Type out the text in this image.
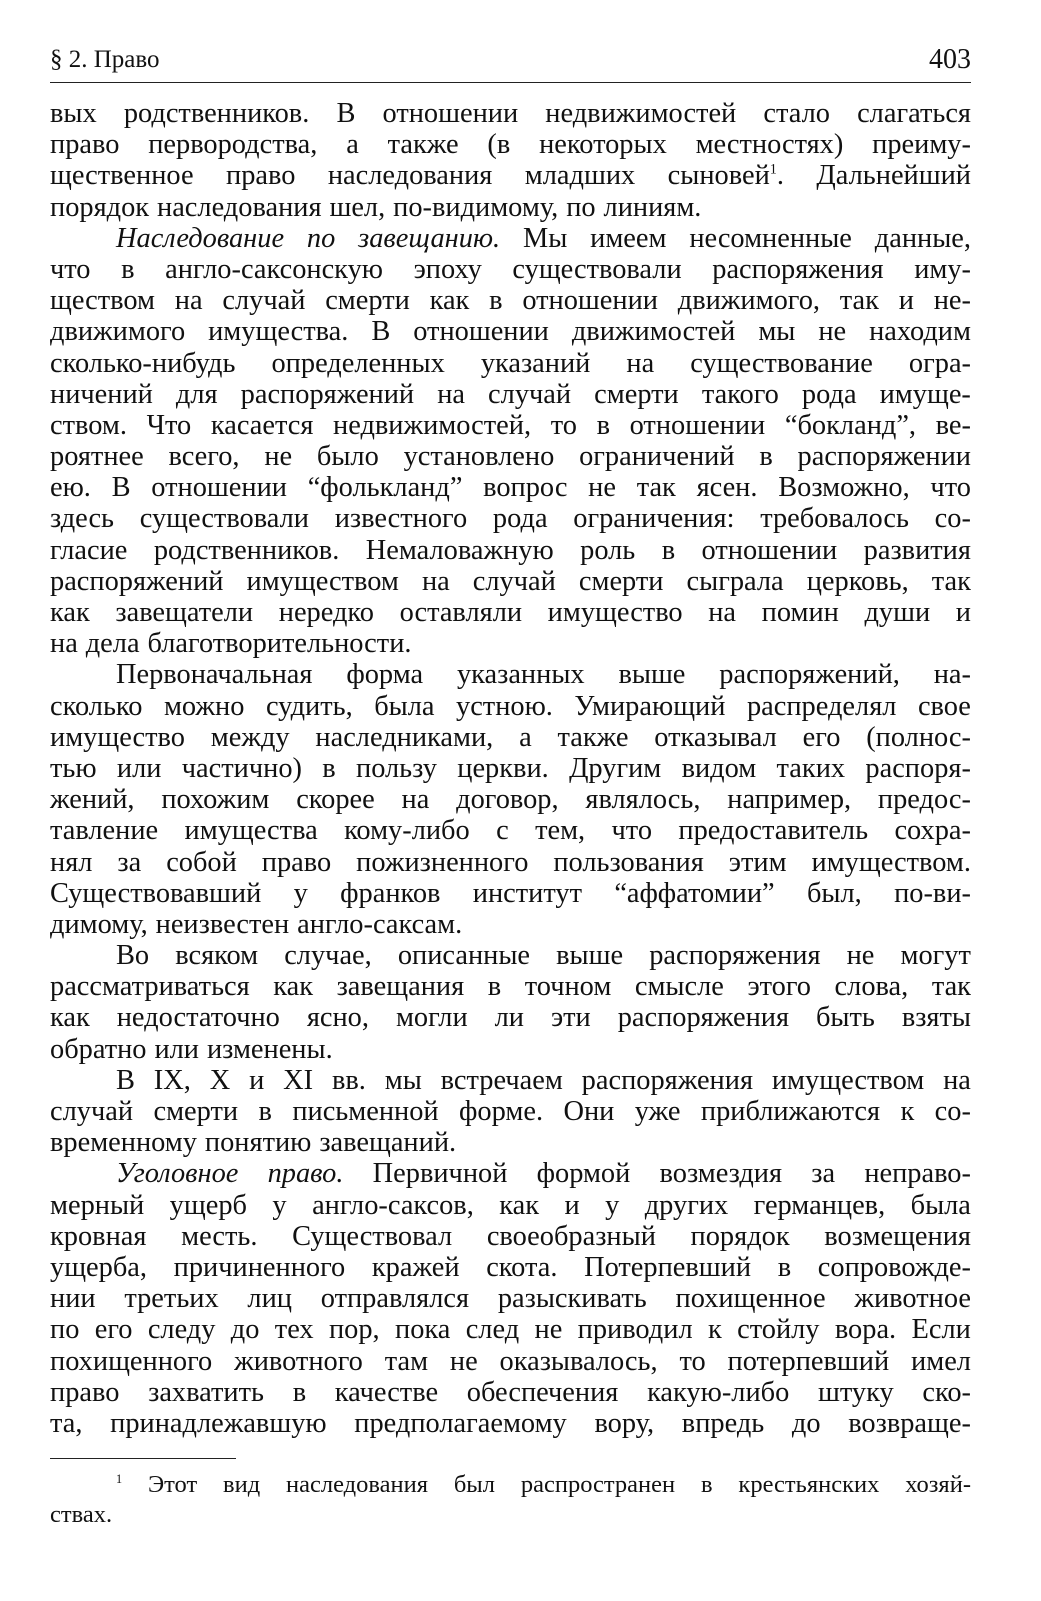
§ 2. Право	403
вых родственников. В отношении недвижимостей стало слагаться
право первородства, а также (в некоторых местностях) преиму-
щественное право наследования младших сыновей$^1$. Дальнейший
порядок наследования шел, по-видимому, по линиям.
Наследование по завещанию. Мы имеем несомненные данные,
что в англо-саксонскую эпоху существовали распоряжения иму-
ществом на случай смерти как в отношении движимого, так и не-
движимого имущества. В отношении движимостей мы не находим
сколько-нибудь определенных указаний на существование огра-
ничений для распоряжений на случай смерти такого рода имуще-
ством. Что касается недвижимостей, то в отношении “бокланд”, ве-
роятнее всего, не было установлено ограничений в распоряжении
ею. В отношении “фолькланд” вопрос не так ясен. Возможно, что
здесь существовали известного рода ограничения: требовалось со-
гласие родственников. Немаловажную роль в отношении развития
распоряжений имуществом на случай смерти сыграла церковь, так
как завещатели нередко оставляли имущество на помин души и
на дела благотворительности.
Первоначальная форма указанных выше распоряжений, на-
сколько можно судить, была устною. Умирающий распределял свое
имущество между наследниками, а также отказывал его (полнос-
тью или частично) в пользу церкви. Другим видом таких распоря-
жений, похожим скорее на договор, являлось, например, предос-
тавление имущества кому-либо с тем, что предоставитель сохра-
нял за собой право пожизненного пользования этим имуществом.
Существовавший у франков институт “аффатомии” был, по-ви-
димому, неизвестен англо-саксам.
Во всяком случае, описанные выше распоряжения не могут
рассматриваться как завещания в точном смысле этого слова, так
как недостаточно ясно, могли ли эти распоряжения быть взяты
обратно или изменены.
В IX, X и XI вв. мы встречаем распоряжения имуществом на
случай смерти в письменной форме. Они уже приближаются к со-
временному понятию завещаний.
Уголовное право. Первичной формой возмездия за неправо-
мерный ущерб у англо-саксов, как и у других германцев, была
кровная месть. Существовал своеобразный порядок возмещения
ущерба, причиненного кражей скота. Потерпевший в сопровожде-
нии третьих лиц отправлялся разыскивать похищенное животное
по его следу до тех пор, пока след не приводил к стойлу вора. Если
похищенного животного там не оказывалось, то потерпевший имел
право захватить в качестве обеспечения какую-либо штуку ско-
та, принадлежавшую предполагаемому вору, впредь до возвраще-
$^1$ Этот вид наследования был распространен в крестьянских хозяй-
ствах.
